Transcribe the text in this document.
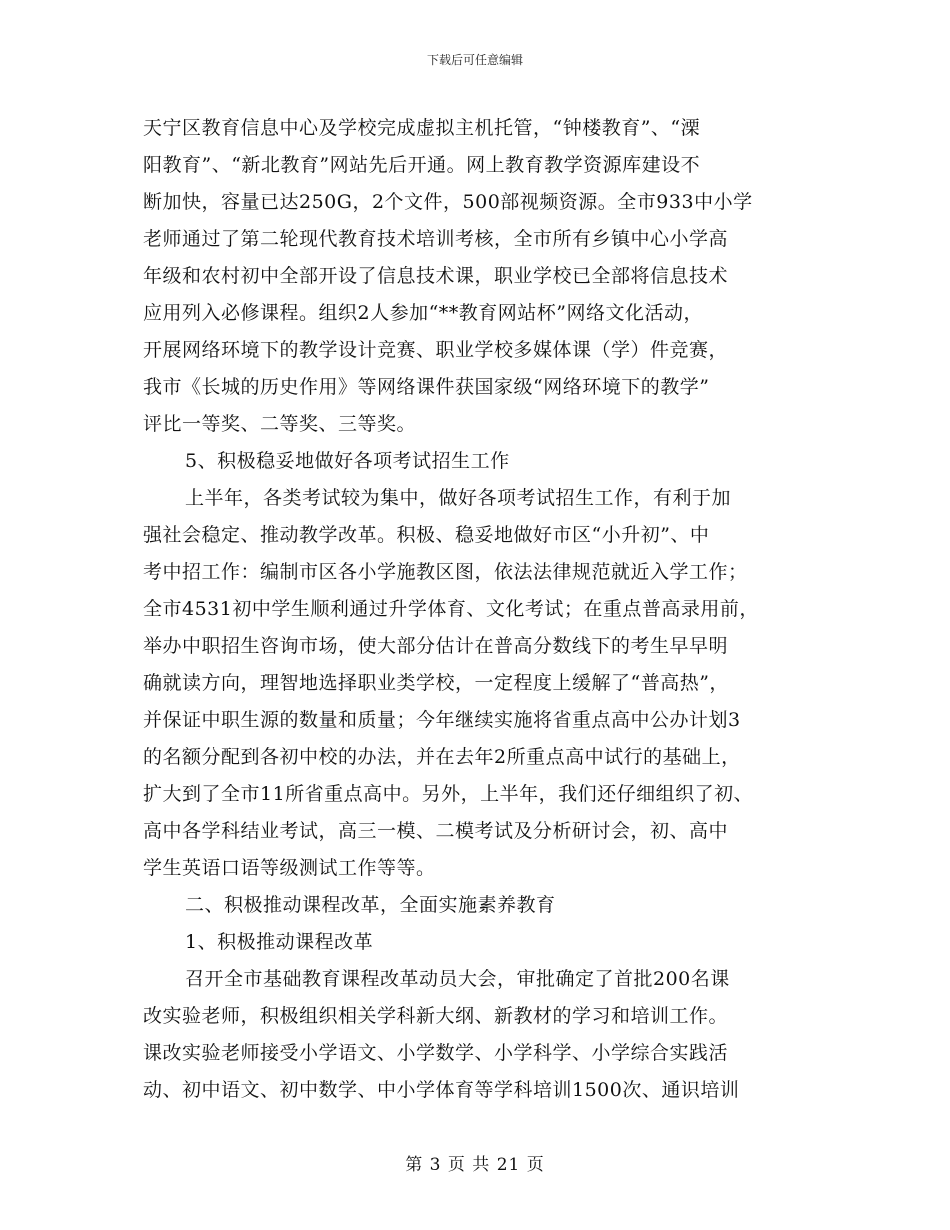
下载后可任意编辑
天宁区教育信息中心及学校完成虚拟主机托管，“钟楼教育”、“溧
阳教育”、“新北教育”网站先后开通。网上教育教学资源库建设不
断加快，容量已达250G，2个文件，500部视频资源。全市933中小学
老师通过了第二轮现代教育技术培训考核，全市所有乡镇中心小学高
年级和农村初中全部开设了信息技术课，职业学校已全部将信息技术
应用列入必修课程。组织2人参加“**教育网站杯”网络文化活动，
开展网络环境下的教学设计竞赛、职业学校多媒体课（学）件竞赛，
我市《长城的历史作用》等网络课件获国家级“网络环境下的教学”
评比一等奖、二等奖、三等奖。
5、积极稳妥地做好各项考试招生工作
上半年，各类考试较为集中，做好各项考试招生工作，有利于加
强社会稳定、推动教学改革。积极、稳妥地做好市区“小升初”、中
考中招工作：编制市区各小学施教区图，依法法律规范就近入学工作；
全市4531初中学生顺利通过升学体育、文化考试；在重点普高录用前，
举办中职招生咨询市场，使大部分估计在普高分数线下的考生早早明
确就读方向，理智地选择职业类学校，一定程度上缓解了“普高热”，
并保证中职生源的数量和质量；今年继续实施将省重点高中公办计划3
的名额分配到各初中校的办法，并在去年2所重点高中试行的基础上，
扩大到了全市11所省重点高中。另外，上半年，我们还仔细组织了初、
高中各学科结业考试，高三一模、二模考试及分析研讨会，初、高中
学生英语口语等级测试工作等等。
二、积极推动课程改革，全面实施素养教育
1、积极推动课程改革
召开全市基础教育课程改革动员大会，审批确定了首批200名课
改实验老师，积极组织相关学科新大纲、新教材的学习和培训工作。
课改实验老师接受小学语文、小学数学、小学科学、小学综合实践活
动、初中语文、初中数学、中小学体育等学科培训1500次、通识培训
第 3 页 共 21 页
